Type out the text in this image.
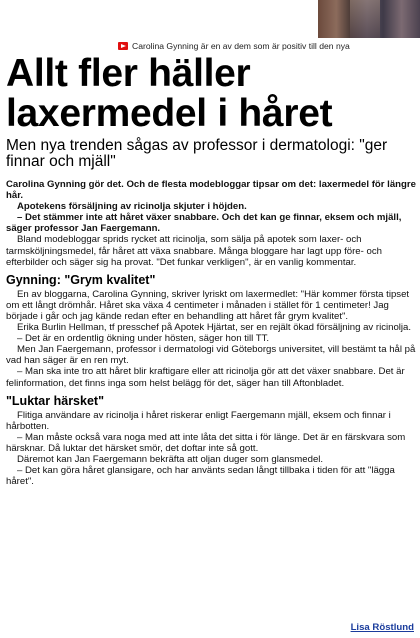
Carolina Gynning är en av dem som är positiv till den nya
Allt fler häller laxermedel i håret
Men nya trenden sågas av professor i dermatologi: "ger finnar och mjäll"

Carolina Gynning gör det. Och de flesta modebloggar tipsar om det: laxermedel för längre hår.

Apotekens försäljning av ricinolja skjuter i höjden.

– Det stämmer inte att håret växer snabbare. Och det kan ge finnar, eksem och mjäll, säger professor Jan Faergemann.

Bland modebloggar sprids rycket att ricinolja, som sälja på apotek som laxer- och tarmsköljningsmedel, får håret att växa snabbare. Många bloggare har lagt upp före- och efterbilder och säger sig ha provat. "Det funkar verkligen", är en vanlig kommentar.

Gynning: "Grym kvalitet"

En av bloggarna, Carolina Gynning, skriver lyriskt om laxermedlet: "Här kommer första tipset om ett långt drömhår. Håret ska växa 4 centimeter i månaden i stället för 1 centimeter! Jag började i går och jag kände redan efter en behandling att håret får grym kvalitet".

Erika Burlin Hellman, tf presschef på Apotek Hjärtat, ser en rejält ökad försäljning av ricinolja.

– Det är en ordentlig ökning under hösten, säger hon till TT.

Men Jan Faergemann, professor i dermatologi vid Göteborgs universitet, vill bestämt ta hål på vad han säger är en ren myt.

– Man ska inte tro att håret blir kraftigare eller att ricinolja gör att det växer snabbare. Det är felinformation, det finns inga som helst belägg för det, säger han till Aftonbladet.

"Luktar härsket"

Flitiga användare av ricinolja i håret riskerar enligt Faergemann mjäll, eksem och finnar i hårbotten.

– Man måste också vara noga med att inte låta det sitta i för länge. Det är en färskvara som härsknar. Då luktar det härsket smör, det doftar inte så gott.

Däremot kan Jan Faergemann bekräfta att oljan duger som glansmedel.

– Det kan göra håret glansigare, och har använts sedan långt tillbaka i tiden för att "lägga håret".

Lisa Röstlund
